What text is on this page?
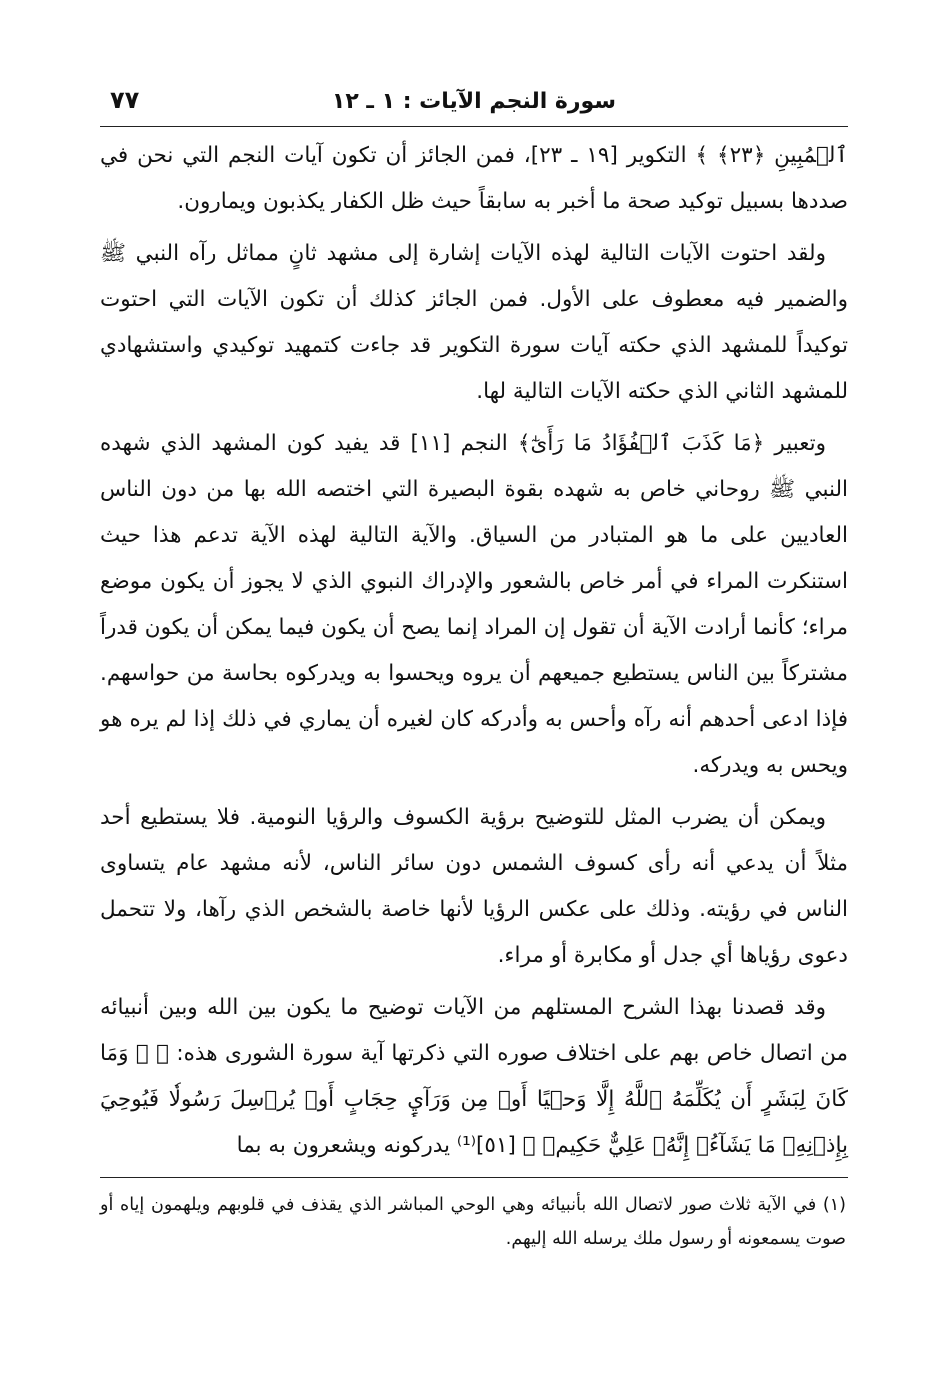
سورة النجم الآيات : ١ ـ ١٢
٧٧

ٱلۡمُبِينِ ﴿٢٣﴾ ﴾ التكوير [١٩ ـ ٢٣]، فمن الجائز أن تكون آيات النجم التي نحن في صددها بسبيل توكيد صحة ما أخبر به سابقاً حيث ظل الكفار يكذبون ويمارون.

ولقد احتوت الآيات التالية لهذه الآيات إشارة إلى مشهد ثانٍ مماثل رآه النبي ﷺ والضمير فيه معطوف على الأول. فمن الجائز كذلك أن تكون الآيات التي احتوت توكيداً للمشهد الذي حكته آيات سورة التكوير قد جاءت كتمهيد توكيدي واستشهادي للمشهد الثاني الذي حكته الآيات التالية لها.

وتعبير ﴿مَا كَذَبَ ٱلۡفُؤَادُ مَا رَأَىٰٓ﴾ النجم [١١] قد يفيد كون المشهد الذي شهده النبي ﷺ روحاني خاص به شهده بقوة البصيرة التي اختصه الله بها من دون الناس العاديين على ما هو المتبادر من السياق. والآية التالية لهذه الآية تدعم هذا حيث استنكرت المراء في أمر خاص بالشعور والإدراك النبوي الذي لا يجوز أن يكون موضع مراء؛ كأنما أرادت الآية أن تقول إن المراد إنما يصح أن يكون فيما يمكن أن يكون قدراً مشتركاً بين الناس يستطيع جميعهم أن يروه ويحسوا به ويدركوه بحاسة من حواسهم. فإذا ادعى أحدهم أنه رآه وأحس به وأدركه كان لغيره أن يماري في ذلك إذا لم يره هو ويحس به ويدركه.

ويمكن أن يضرب المثل للتوضيح برؤية الكسوف والرؤيا النومية. فلا يستطيع أحد مثلاً أن يدعي أنه رأى كسوف الشمس دون سائر الناس، لأنه مشهد عام يتساوى الناس في رؤيته. وذلك على عكس الرؤيا لأنها خاصة بالشخص الذي رآها، ولا تتحمل دعوى رؤياها أي جدل أو مكابرة أو مراء.

وقد قصدنا بهذا الشرح المستلهم من الآيات توضيح ما يكون بين الله وبين أنبيائه من اتصال خاص بهم على اختلاف صوره التي ذكرتها آية سورة الشورى هذه: ﴿ ۞ وَمَا كَانَ لِبَشَرٍ أَن يُكَلِّمَهُ ٱللَّهُ إِلَّا وَحۡيًا أَوۡ مِن وَرَآيِٕ حِجَابٍ أَوۡ يُرۡسِلَ رَسُولٗا فَيُوحِيَ بِإِذۡنِهِۦ مَا يَشَآءُۚ إِنَّهُۥ عَلِيٌّ حَكِيمٞ ﴾ [٥١]⁽¹⁾ يدركونه ويشعرون به بما

(١) في الآية ثلاث صور لاتصال الله بأنبيائه وهي الوحي المباشر الذي يقذف في قلوبهم ويلهمون إياه أو صوت يسمعونه أو رسول ملك يرسله الله إليهم.
